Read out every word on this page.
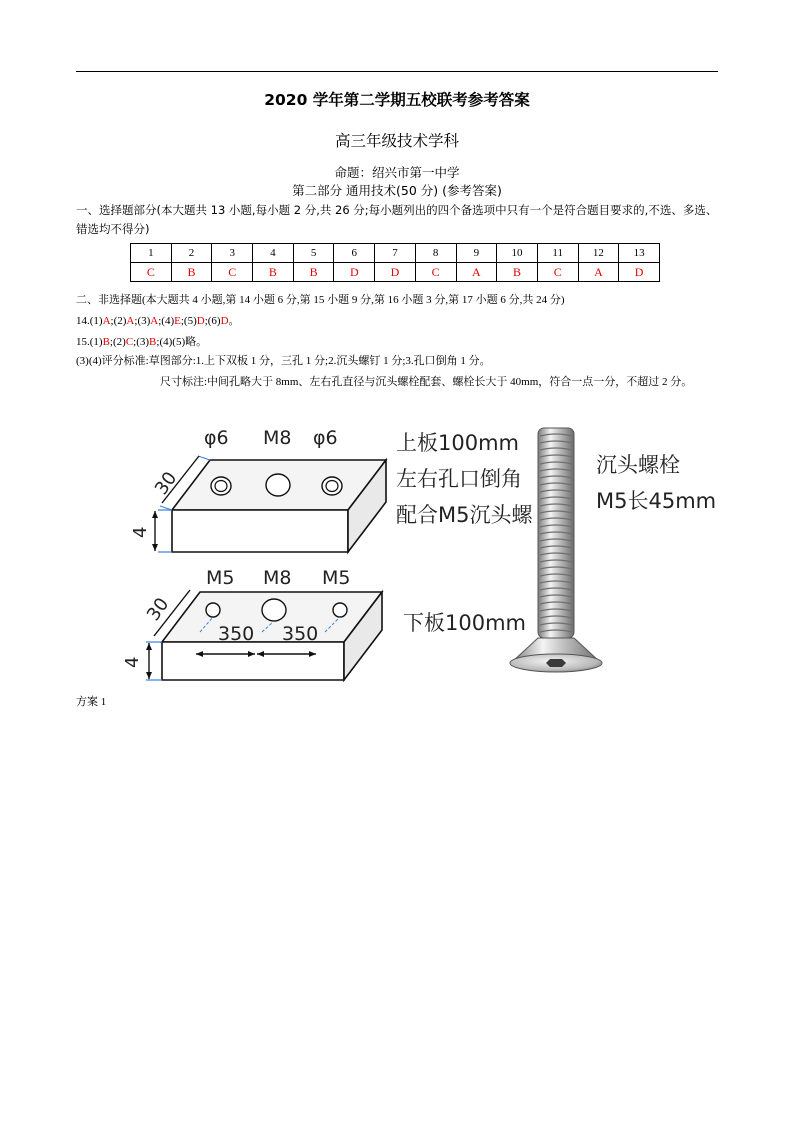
2020 学年第二学期五校联考参考答案
高三年级技术学科
命题：绍兴市第一中学
第二部分 通用技术(50 分) (参考答案)
一、选择题部分(本大题共 13 小题,每小题 2 分,共 26 分;每小题列出的四个备选项中只有一个是符合题目要求的,不选、多选、错选均不得分)
1	2	3	4	5	6	7	8	9	10	11	12	13
C	B	C	B	B	D	D	C	A	B	C	A	D
二、非选择题(本大题共 4 小题,第 14 小题 6 分,第 15 小题 9 分,第 16 小题 3 分,第 17 小题 6 分,共 24 分)
14.(1)A;(2)A;(3)A;(4)E;(5)D;(6)D。
15.(1)B;(2)C;(3)B;(4)(5)略。
(3)(4)评分标准:草图部分:1.上下双板 1 分，三孔 1 分;2.沉头螺钉 1 分;3.孔口倒角 1 分。
尺寸标注:中间孔略大于 8mm、左右孔直径与沉头螺栓配套、螺栓长大于 40mm，符合一点一分，不超过 2 分。
φ6 M8 φ6
30
4
M5 M8 M5
30
4
350 350
上板100mm
左右孔口倒角
配合M5沉头螺
下板100mm
沉头螺栓
M5长45mm
方案 1
